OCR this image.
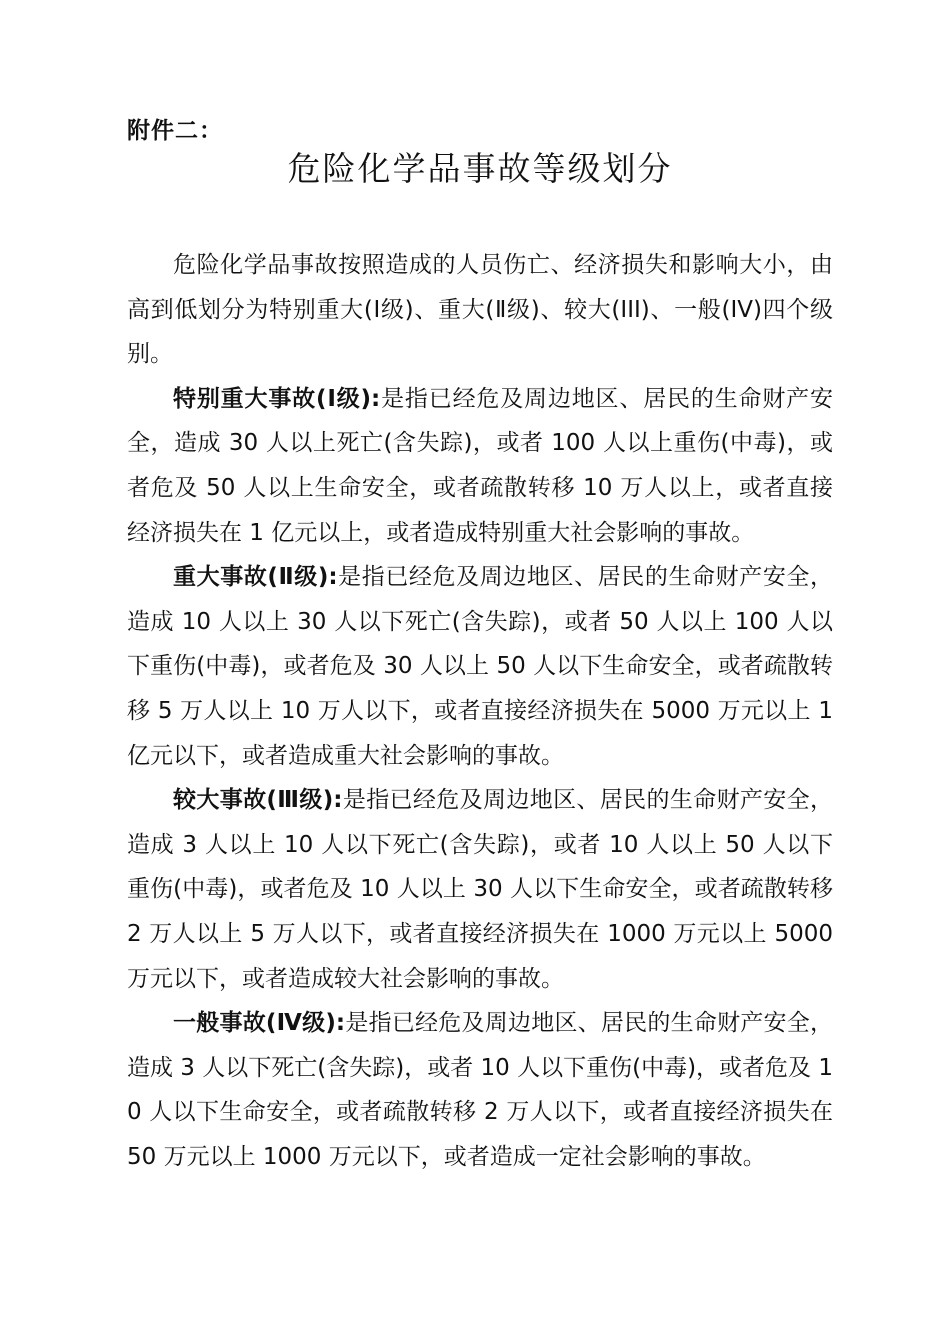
附件二：
危险化学品事故等级划分

危险化学品事故按照造成的人员伤亡、经济损失和影响大小，由高到低划分为特别重大(Ⅰ级)、重大(Ⅱ级)、较大(III)、一般(IV)四个级别。

特别重大事故(Ⅰ级):是指已经危及周边地区、居民的生命财产安全，造成 30 人以上死亡(含失踪)，或者 100 人以上重伤(中毒)，或者危及 50 人以上生命安全，或者疏散转移 10 万人以上，或者直接经济损失在 1 亿元以上，或者造成特别重大社会影响的事故。

重大事故(Ⅱ级):是指已经危及周边地区、居民的生命财产安全，造成 10 人以上 30 人以下死亡(含失踪)，或者 50 人以上 100 人以下重伤(中毒)，或者危及 30 人以上 50 人以下生命安全，或者疏散转移 5 万人以上 10 万人以下，或者直接经济损失在 5000 万元以上 1 亿元以下，或者造成重大社会影响的事故。

较大事故(Ⅲ级):是指已经危及周边地区、居民的生命财产安全，造成 3 人以上 10 人以下死亡(含失踪)，或者 10 人以上 50 人以下重伤(中毒)，或者危及 10 人以上 30 人以下生命安全，或者疏散转移 2 万人以上 5 万人以下，或者直接经济损失在 1000 万元以上 5000 万元以下，或者造成较大社会影响的事故。

一般事故(Ⅳ级):是指已经危及周边地区、居民的生命财产安全，造成 3 人以下死亡(含失踪)，或者 10 人以下重伤(中毒)，或者危及 10 人以下生命安全，或者疏散转移 2 万人以下，或者直接经济损失在 50 万元以上 1000 万元以下，或者造成一定社会影响的事故。
